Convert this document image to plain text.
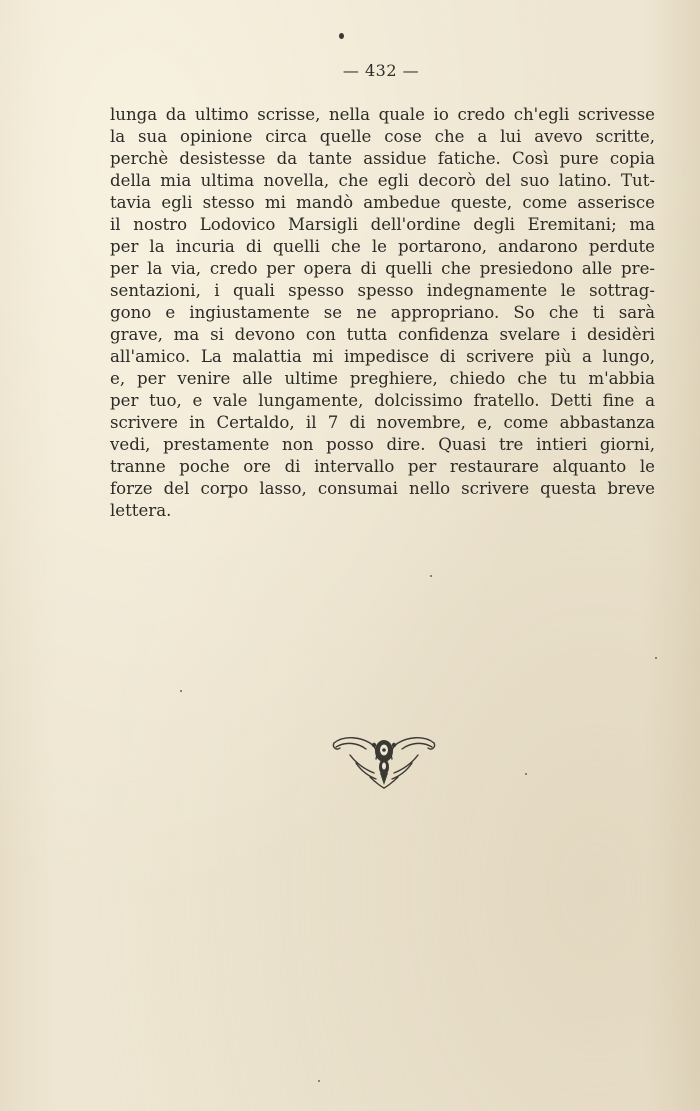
— 432 —
lunga da ultimo scrisse, nella quale io credo ch'egli scrivesse
la sua opinione circa quelle cose che a lui avevo scritte,
perchè desistesse da tante assidue fatiche. Così pure copia
della mia ultima novella, che egli decorò del suo latino. Tut-
tavia egli stesso mi mandò ambedue queste, come asserisce
il nostro Lodovico Marsigli dell'ordine degli Eremitani; ma
per la incuria di quelli che le portarono, andarono perdute
per la via, credo per opera di quelli che presiedono alle pre-
sentazioni, i quali spesso spesso indegnamente le sottrag-
gono e ingiustamente se ne appropriano. So che ti sarà
grave, ma si devono con tutta confidenza svelare i desidèri
all'amico. La malattia mi impedisce di scrivere più a lungo,
e, per venire alle ultime preghiere, chiedo che tu m'abbia
per tuo, e vale lungamente, dolcissimo fratello. Detti fine a
scrivere in Certaldo, il 7 di novembre, e, come abbastanza
vedi, prestamente non posso dire. Quasi tre intieri giorni,
tranne poche ore di intervallo per restaurare alquanto le
forze del corpo lasso, consumai nello scrivere questa breve
lettera.
